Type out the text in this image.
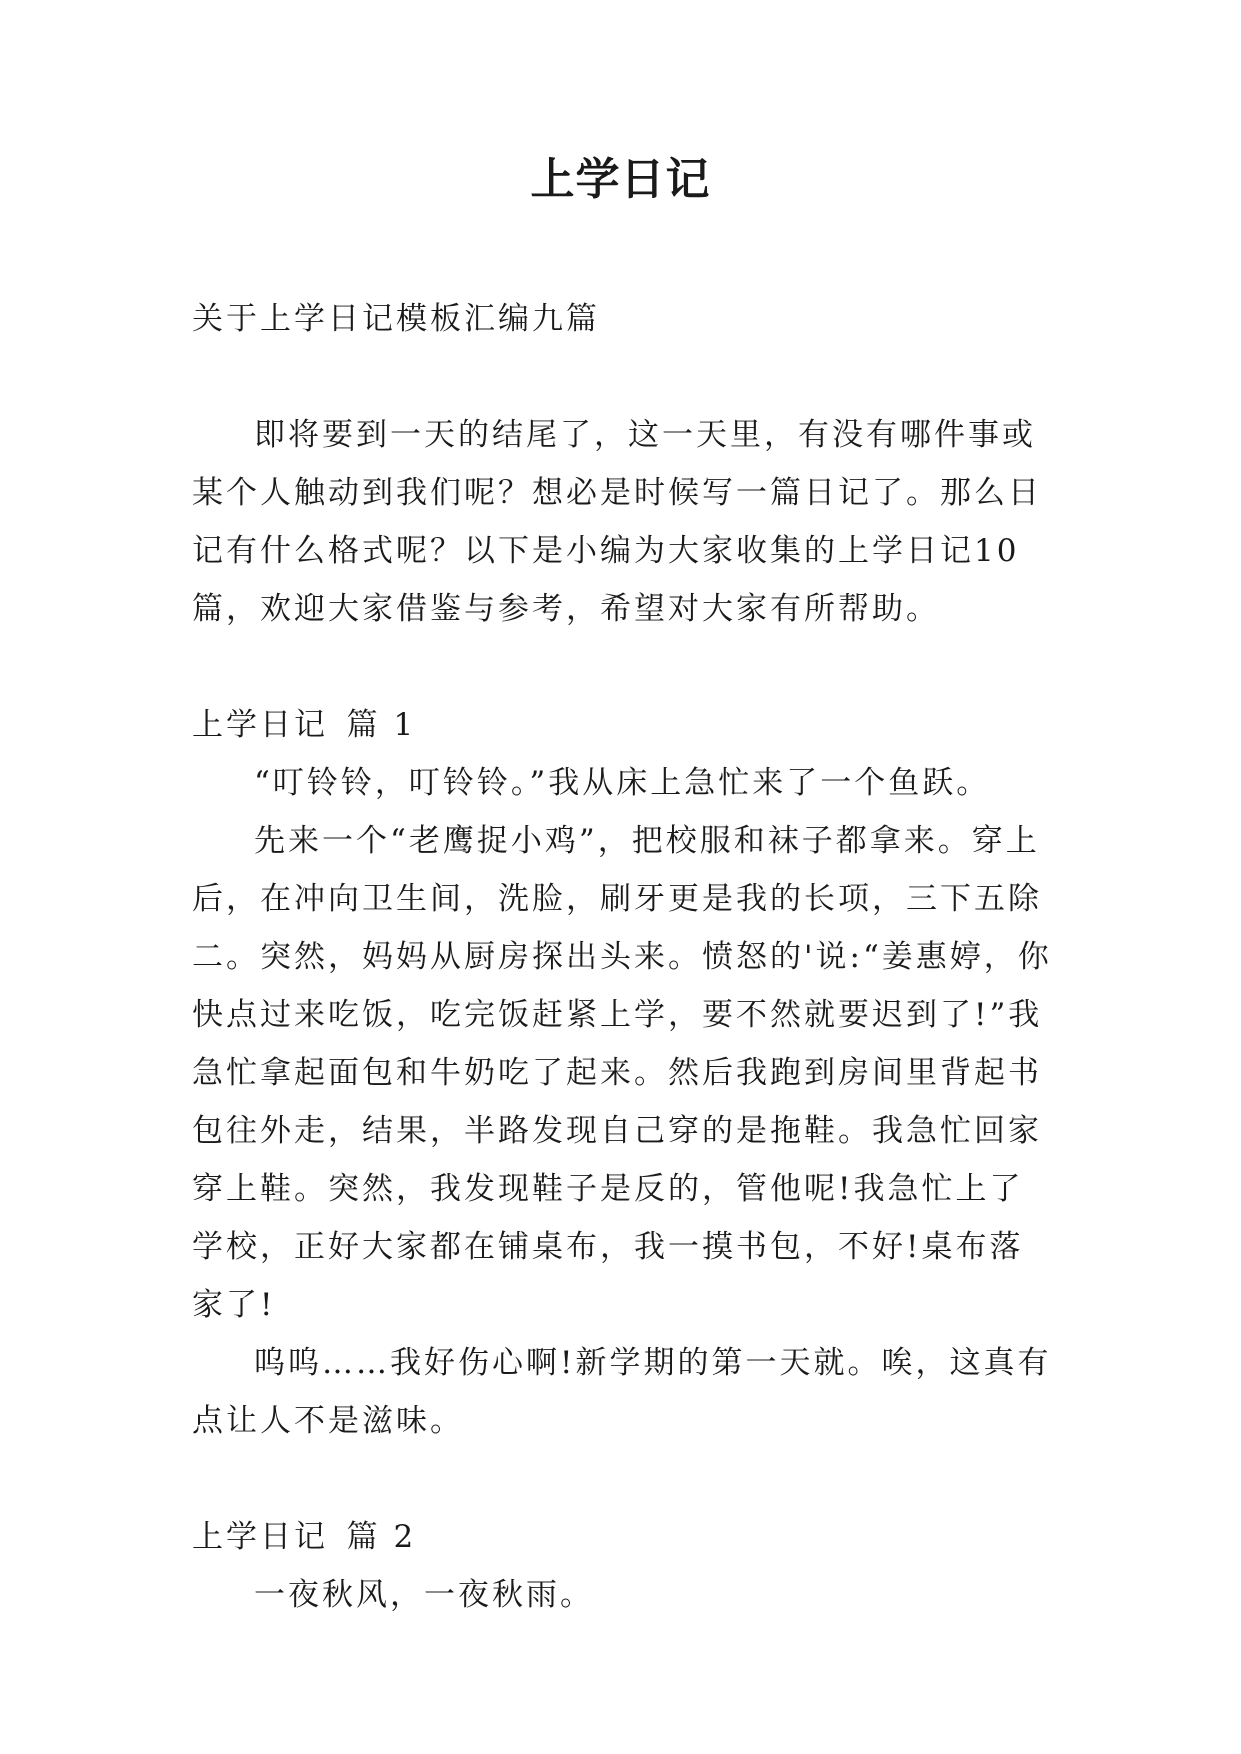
上学日记

关于上学日记模板汇编九篇

即将要到一天的结尾了，这一天里，有没有哪件事或某个人触动到我们呢？想必是时候写一篇日记了。那么日记有什么格式呢？以下是小编为大家收集的上学日记10篇，欢迎大家借鉴与参考，希望对大家有所帮助。

上学日记 篇 1

“叮铃铃，叮铃铃。”我从床上急忙来了一个鱼跃。

先来一个“老鹰捉小鸡”，把校服和袜子都拿来。穿上后，在冲向卫生间，洗脸，刷牙更是我的长项，三下五除二。突然，妈妈从厨房探出头来。愤怒的'说:“姜惠婷，你快点过来吃饭，吃完饭赶紧上学，要不然就要迟到了!”我急忙拿起面包和牛奶吃了起来。然后我跑到房间里背起书包往外走，结果，半路发现自己穿的是拖鞋。我急忙回家穿上鞋。突然，我发现鞋子是反的，管他呢!我急忙上了学校，正好大家都在铺桌布，我一摸书包，不好!桌布落家了!

呜呜……我好伤心啊!新学期的第一天就。唉，这真有点让人不是滋味。

上学日记 篇 2

一夜秋风，一夜秋雨。
